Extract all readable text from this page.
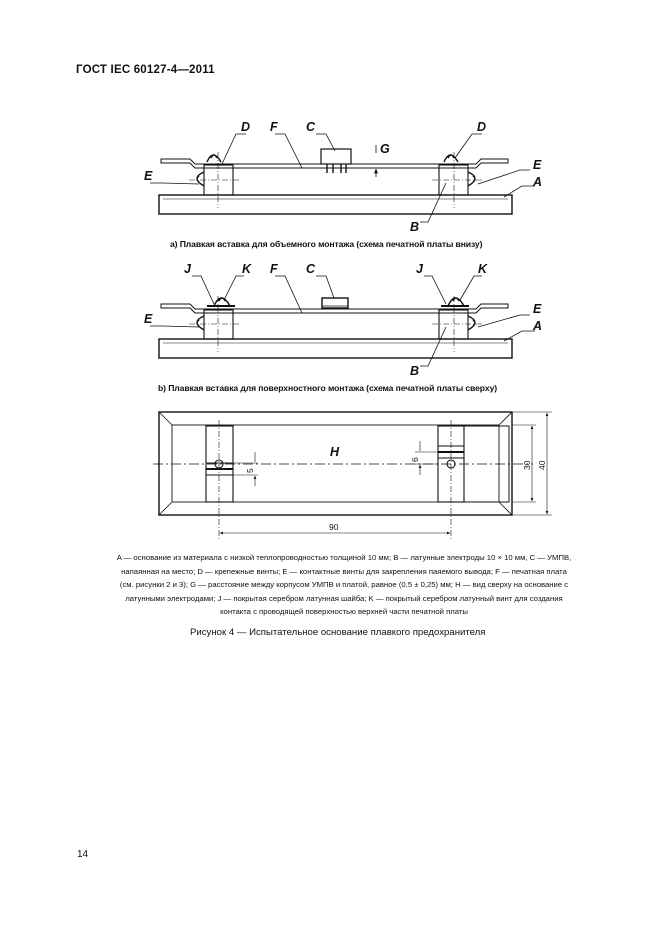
ГОСТ IEC 60127-4—2011
D F C
G
D
E
E
A
B
J	K F C	J	K
E
E
A
B
H
5
6
30 40
90
a) Плавкая вставка для объемного монтажа (схема печатной платы внизу)
b) Плавкая вставка для поверхностного монтажа (схема печатной платы сверху)

A — основание из материала с низкой теплопроводностью толщиной 10 мм; B — латунные электроды 10 × 10 мм, C — УМПВ,

напаянная на место; D — крепежные винты; E — контактные винты для закрепления паяемого вывода; F — печатная плата

(см. рисунки 2 и 3); G — расстояние между корпусом УМПВ и платой, равное (0,5 ± 0,25) мм; H — вид сверху на основание с

латунными электродами; J — покрытая серебром латунная шайба; K — покрытый серебром латунный винт для создания

контакта с проводящей поверхностью верхней части печатной платы

Рисунок 4 — Испытательное основание плавкого предохранителя
14
